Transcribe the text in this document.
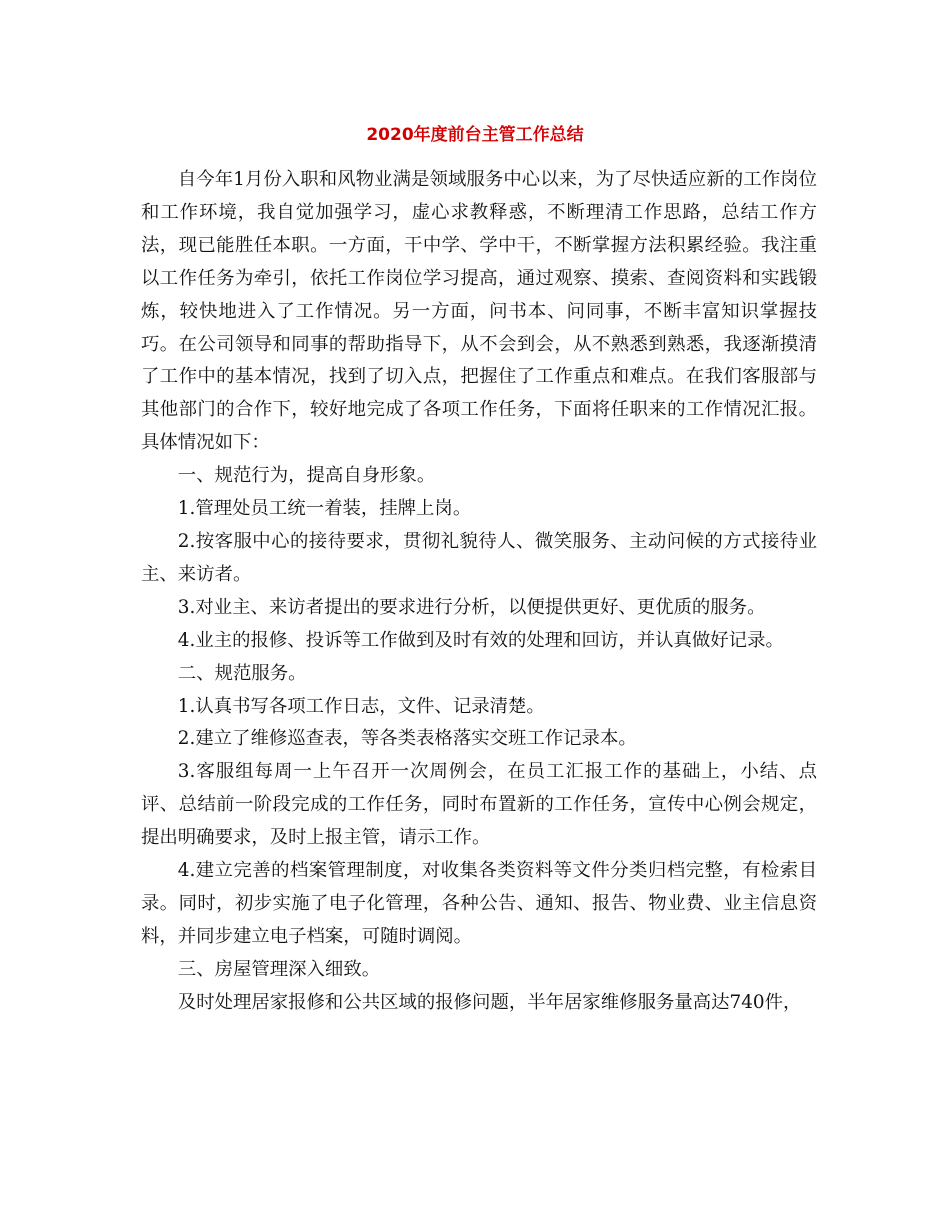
2020年度前台主管工作总结

自今年1月份入职和风物业满是领域服务中心以来，为了尽快适应新的工作岗位和工作环境，我自觉加强学习，虚心求教释惑，不断理清工作思路，总结工作方法，现已能胜任本职。一方面，干中学、学中干，不断掌握方法积累经验。我注重以工作任务为牵引，依托工作岗位学习提高，通过观察、摸索、查阅资料和实践锻炼，较快地进入了工作情况。另一方面，问书本、问同事，不断丰富知识掌握技巧。在公司领导和同事的帮助指导下，从不会到会，从不熟悉到熟悉，我逐渐摸清了工作中的基本情况，找到了切入点，把握住了工作重点和难点。在我们客服部与其他部门的合作下，较好地完成了各项工作任务，下面将任职来的工作情况汇报。具体情况如下：

一、规范行为，提高自身形象。

1.管理处员工统一着装，挂牌上岗。

2.按客服中心的接待要求，贯彻礼貌待人、微笑服务、主动问候的方式接待业主、来访者。

3.对业主、来访者提出的要求进行分析，以便提供更好、更优质的服务。

4.业主的报修、投诉等工作做到及时有效的处理和回访，并认真做好记录。

二、规范服务。

1.认真书写各项工作日志，文件、记录清楚。

2.建立了维修巡查表，等各类表格落实交班工作记录本。

3.客服组每周一上午召开一次周例会，在员工汇报工作的基础上，小结、点评、总结前一阶段完成的工作任务，同时布置新的工作任务，宣传中心例会规定，提出明确要求，及时上报主管，请示工作。

4.建立完善的档案管理制度，对收集各类资料等文件分类归档完整，有检索目录。同时，初步实施了电子化管理，各种公告、通知、报告、物业费、业主信息资料，并同步建立电子档案，可随时调阅。

三、房屋管理深入细致。

及时处理居家报修和公共区域的报修问题，半年居家维修服务量高达740件，
